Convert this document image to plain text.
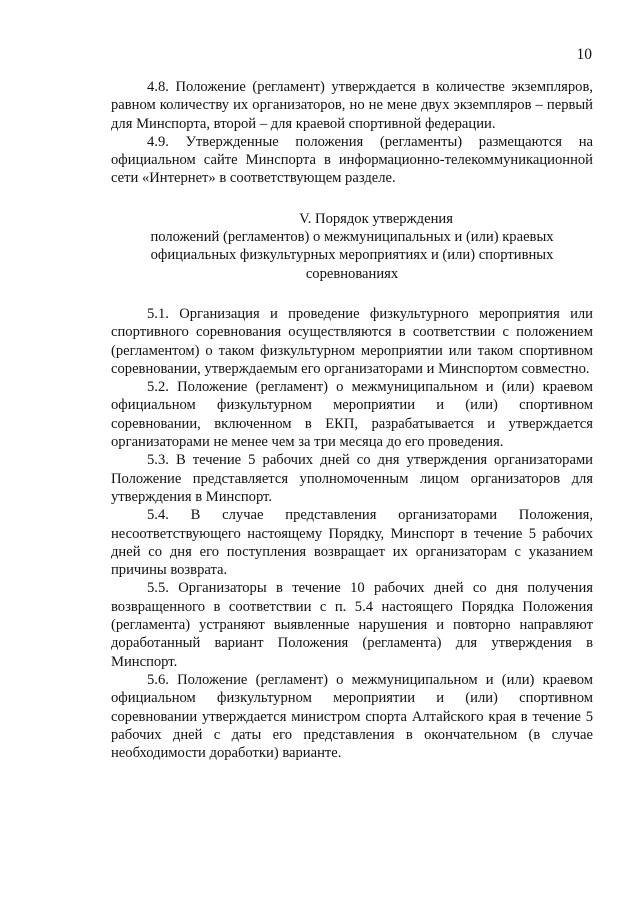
10

4.8. Положение (регламент) утверждается в количестве экземпляров, равном количеству их организаторов, но не мене двух экземпляров – первый для Минспорта, второй – для краевой спортивной федерации.

4.9. Утвержденные положения (регламенты) размещаются на официальном сайте Минспорта в информационно-телекоммуникационной сети «Интернет» в соответствующем разделе.

V. Порядок утверждения
положений (регламентов) о межмуниципальных и (или) краевых официальных физкультурных мероприятиях и (или) спортивных соревнованиях

5.1. Организация и проведение физкультурного мероприятия или спортивного соревнования осуществляются в соответствии с положением (регламентом) о таком физкультурном мероприятии или таком спортивном соревновании, утверждаемым его организаторами и Минспортом совместно.

5.2. Положение (регламент) о межмуниципальном и (или) краевом официальном физкультурном мероприятии и (или) спортивном соревновании, включенном в ЕКП, разрабатывается и утверждается организаторами не менее чем за три месяца до его проведения.

5.3. В течение 5 рабочих дней со дня утверждения организаторами Положение представляется уполномоченным лицом организаторов для утверждения в Минспорт.

5.4. В случае представления организаторами Положения, несоответствующего настоящему Порядку, Минспорт в течение 5 рабочих дней со дня его поступления возвращает их организаторам с указанием причины возврата.

5.5. Организаторы в течение 10 рабочих дней со дня получения возвращенного в соответствии с п. 5.4 настоящего Порядка Положения (регламента) устраняют выявленные нарушения и повторно направляют доработанный вариант Положения (регламента) для утверждения в Минспорт.

5.6. Положение (регламент) о межмуниципальном и (или) краевом официальном физкультурном мероприятии и (или) спортивном соревновании утверждается министром спорта Алтайского края в течение 5 рабочих дней с даты его представления в окончательном (в случае необходимости доработки) варианте.
